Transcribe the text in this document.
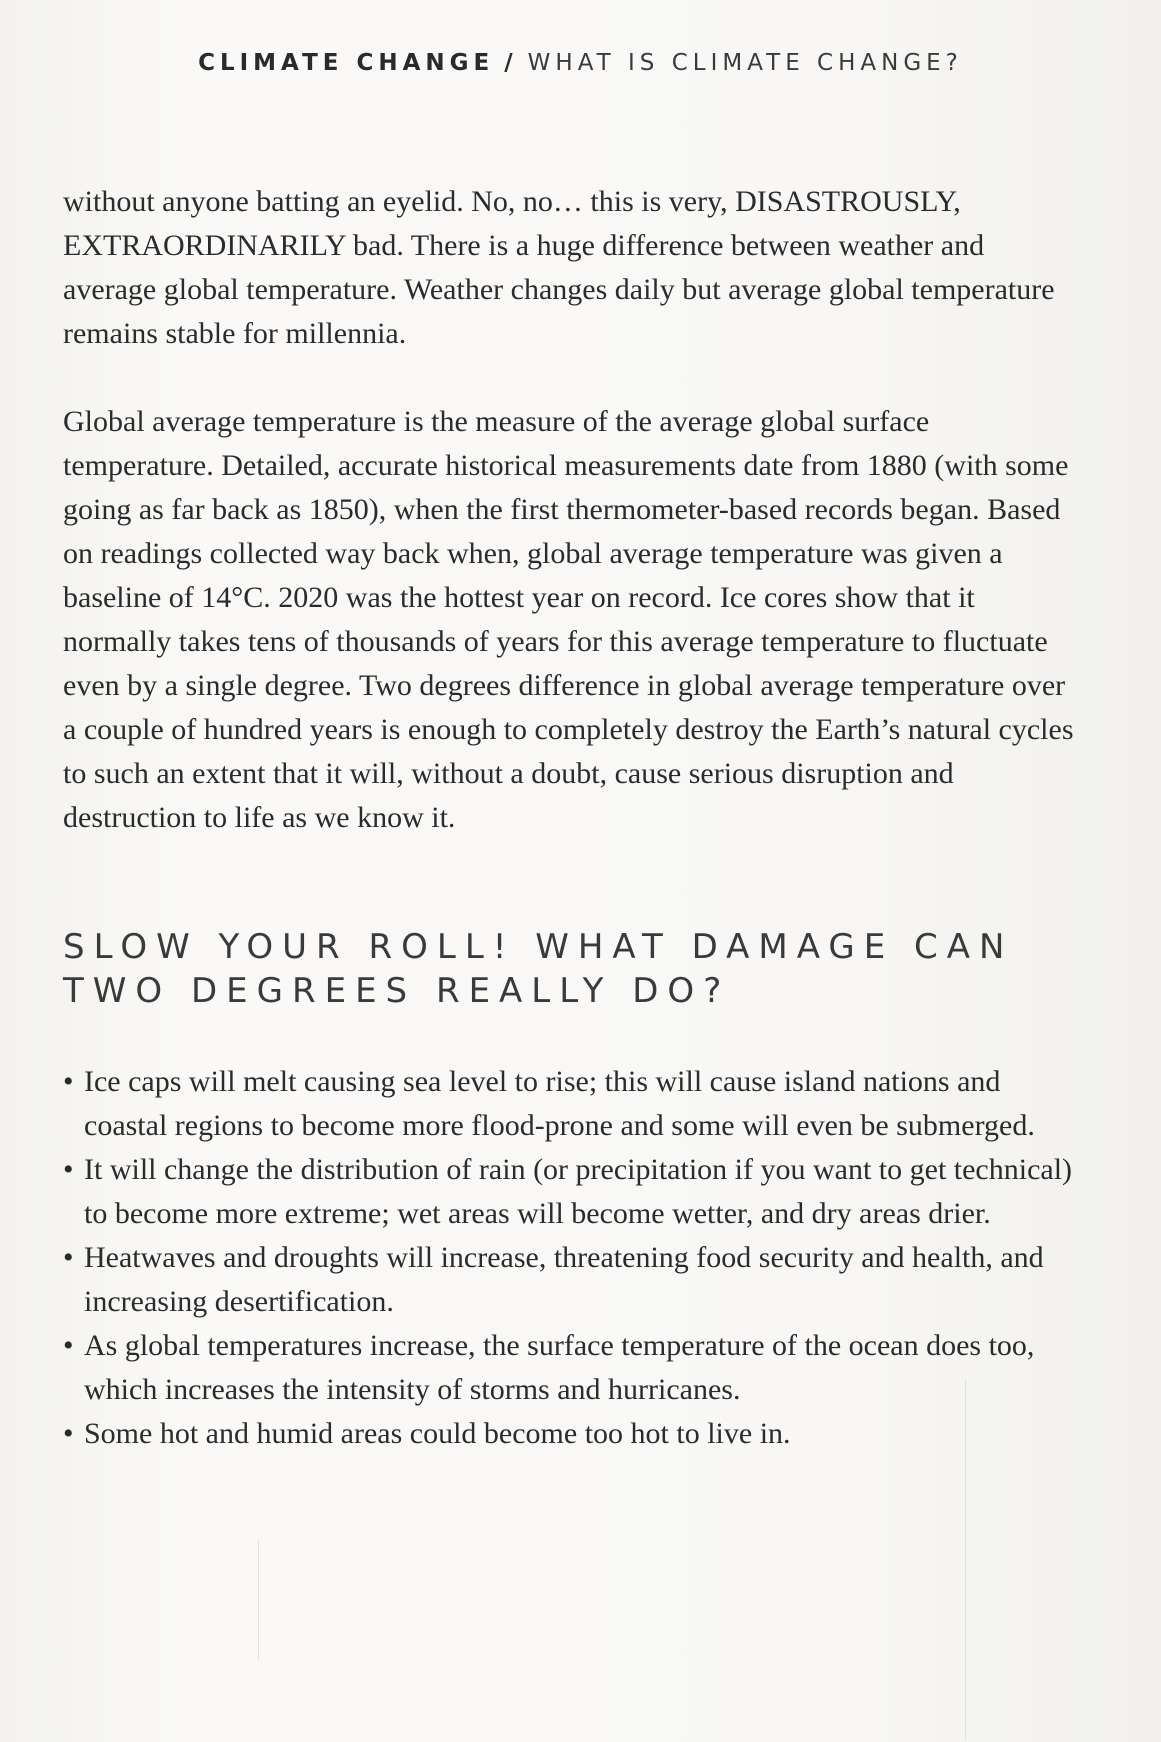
CLIMATE CHANGE / WHAT IS CLIMATE CHANGE?

without anyone batting an eyelid. No, no… this is very, DISASTROUSLY, EXTRAORDINARILY bad. There is a huge difference between weather and average global temperature. Weather changes daily but average global temperature remains stable for millennia.

Global average temperature is the measure of the average global surface temperature. Detailed, accurate historical measurements date from 1880 (with some going as far back as 1850), when the first thermometer-based records began. Based on readings collected way back when, global average temperature was given a baseline of 14°C. 2020 was the hottest year on record. Ice cores show that it normally takes tens of thousands of years for this average temperature to fluctuate even by a single degree. Two degrees difference in global average temperature over a couple of hundred years is enough to completely destroy the Earth’s natural cycles to such an extent that it will, without a doubt, cause serious disruption and destruction to life as we know it.

SLOW YOUR ROLL! WHAT DAMAGE CAN TWO DEGREES REALLY DO?
• Ice caps will melt causing sea level to rise; this will cause island nations and coastal regions to become more flood-prone and some will even be submerged.
• It will change the distribution of rain (or precipitation if you want to get technical) to become more extreme; wet areas will become wetter, and dry areas drier.
• Heatwaves and droughts will increase, threatening food security and health, and increasing desertification.
• As global temperatures increase, the surface temperature of the ocean does too, which increases the intensity of storms and hurricanes.
• Some hot and humid areas could become too hot to live in.
